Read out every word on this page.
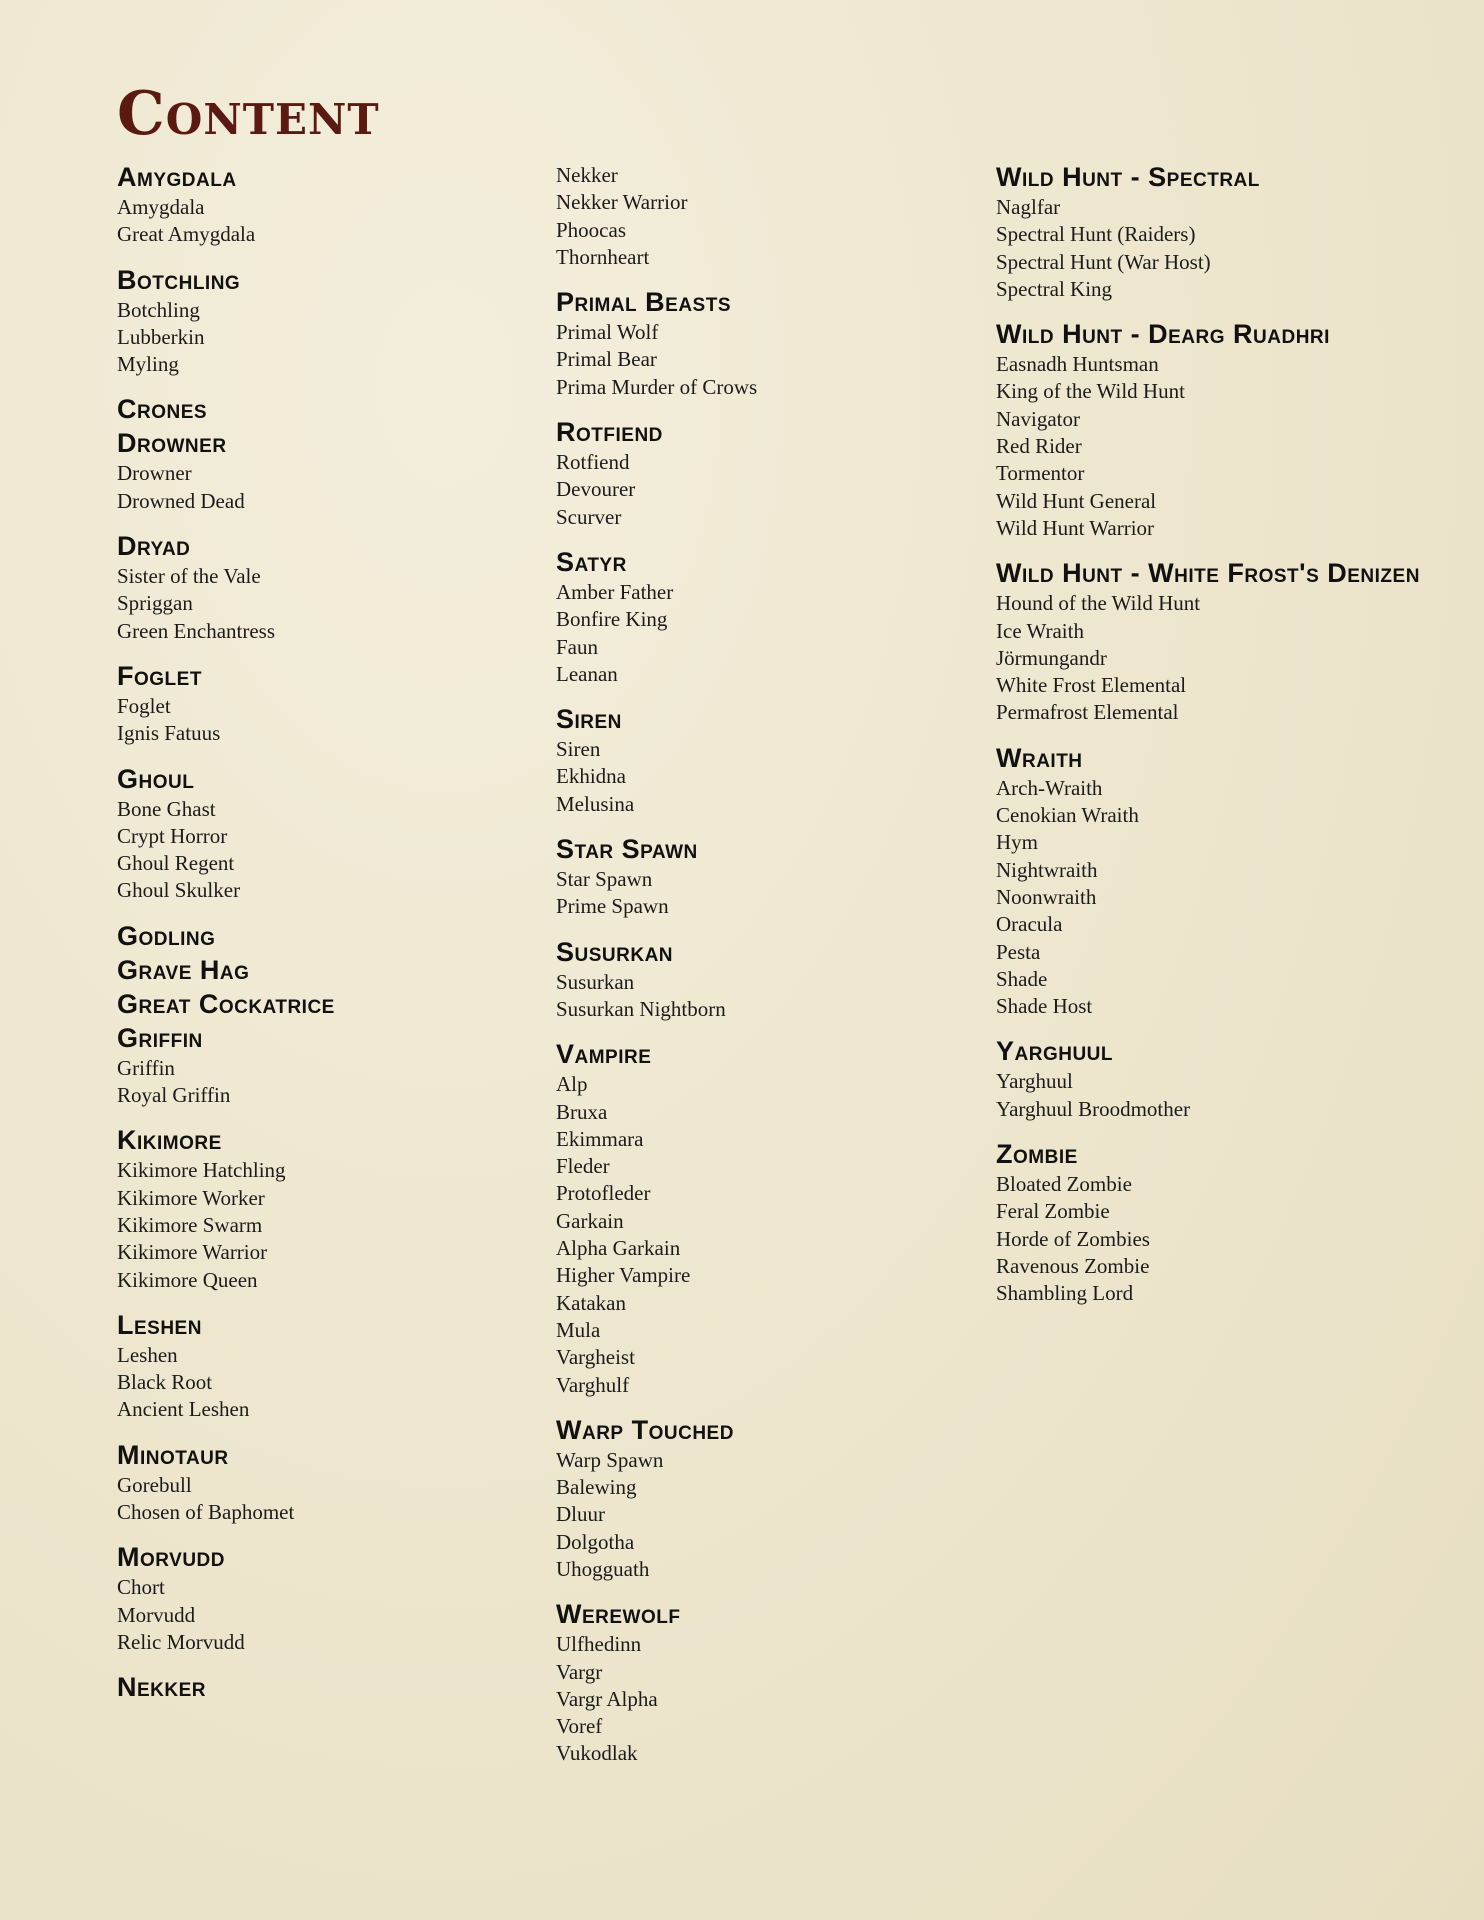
Content
Amygdala
Amygdala
Great Amygdala
Botchling
Botchling
Lubberkin
Myling
Crones
Drowner
Drowner
Drowned Dead
Dryad
Sister of the Vale
Spriggan
Green Enchantress
Foglet
Foglet
Ignis Fatuus
Ghoul
Bone Ghast
Crypt Horror
Ghoul Regent
Ghoul Skulker
Godling
Grave Hag
Great Cockatrice
Griffin
Griffin
Royal Griffin
Kikimore
Kikimore Hatchling
Kikimore Worker
Kikimore Swarm
Kikimore Warrior
Kikimore Queen
Leshen
Leshen
Black Root
Ancient Leshen
Minotaur
Gorebull
Chosen of Baphomet
Morvudd
Chort
Morvudd
Relic Morvudd
Nekker
Nekker
Nekker Warrior
Phoocas
Thornheart
Primal Beasts
Primal Wolf
Primal Bear
Prima Murder of Crows
Rotfiend
Rotfiend
Devourer
Scurver
Satyr
Amber Father
Bonfire King
Faun
Leanan
Siren
Siren
Ekhidna
Melusina
Star Spawn
Star Spawn
Prime Spawn
Susurkan
Susurkan
Susurkan Nightborn
Vampire
Alp
Bruxa
Ekimmara
Fleder
Protofleder
Garkain
Alpha Garkain
Higher Vampire
Katakan
Mula
Vargheist
Varghulf
Warp Touched
Warp Spawn
Balewing
Dluur
Dolgotha
Uhogguath
Werewolf
Ulfhedinn
Vargr
Vargr Alpha
Voref
Vukodlak
Wild Hunt - Spectral
Naglfar
Spectral Hunt (Raiders)
Spectral Hunt (War Host)
Spectral King
Wild Hunt - Dearg Ruadhri
Easnadh Huntsman
King of the Wild Hunt
Navigator
Red Rider
Tormentor
Wild Hunt General
Wild Hunt Warrior
Wild Hunt - White Frost's Denizen
Hound of the Wild Hunt
Ice Wraith
Jörmungandr
White Frost Elemental
Permafrost Elemental
Wraith
Arch-Wraith
Cenokian Wraith
Hym
Nightwraith
Noonwraith
Oracula
Pesta
Shade
Shade Host
Yarghuul
Yarghuul
Yarghuul Broodmother
Zombie
Bloated Zombie
Feral Zombie
Horde of Zombies
Ravenous Zombie
Shambling Lord
